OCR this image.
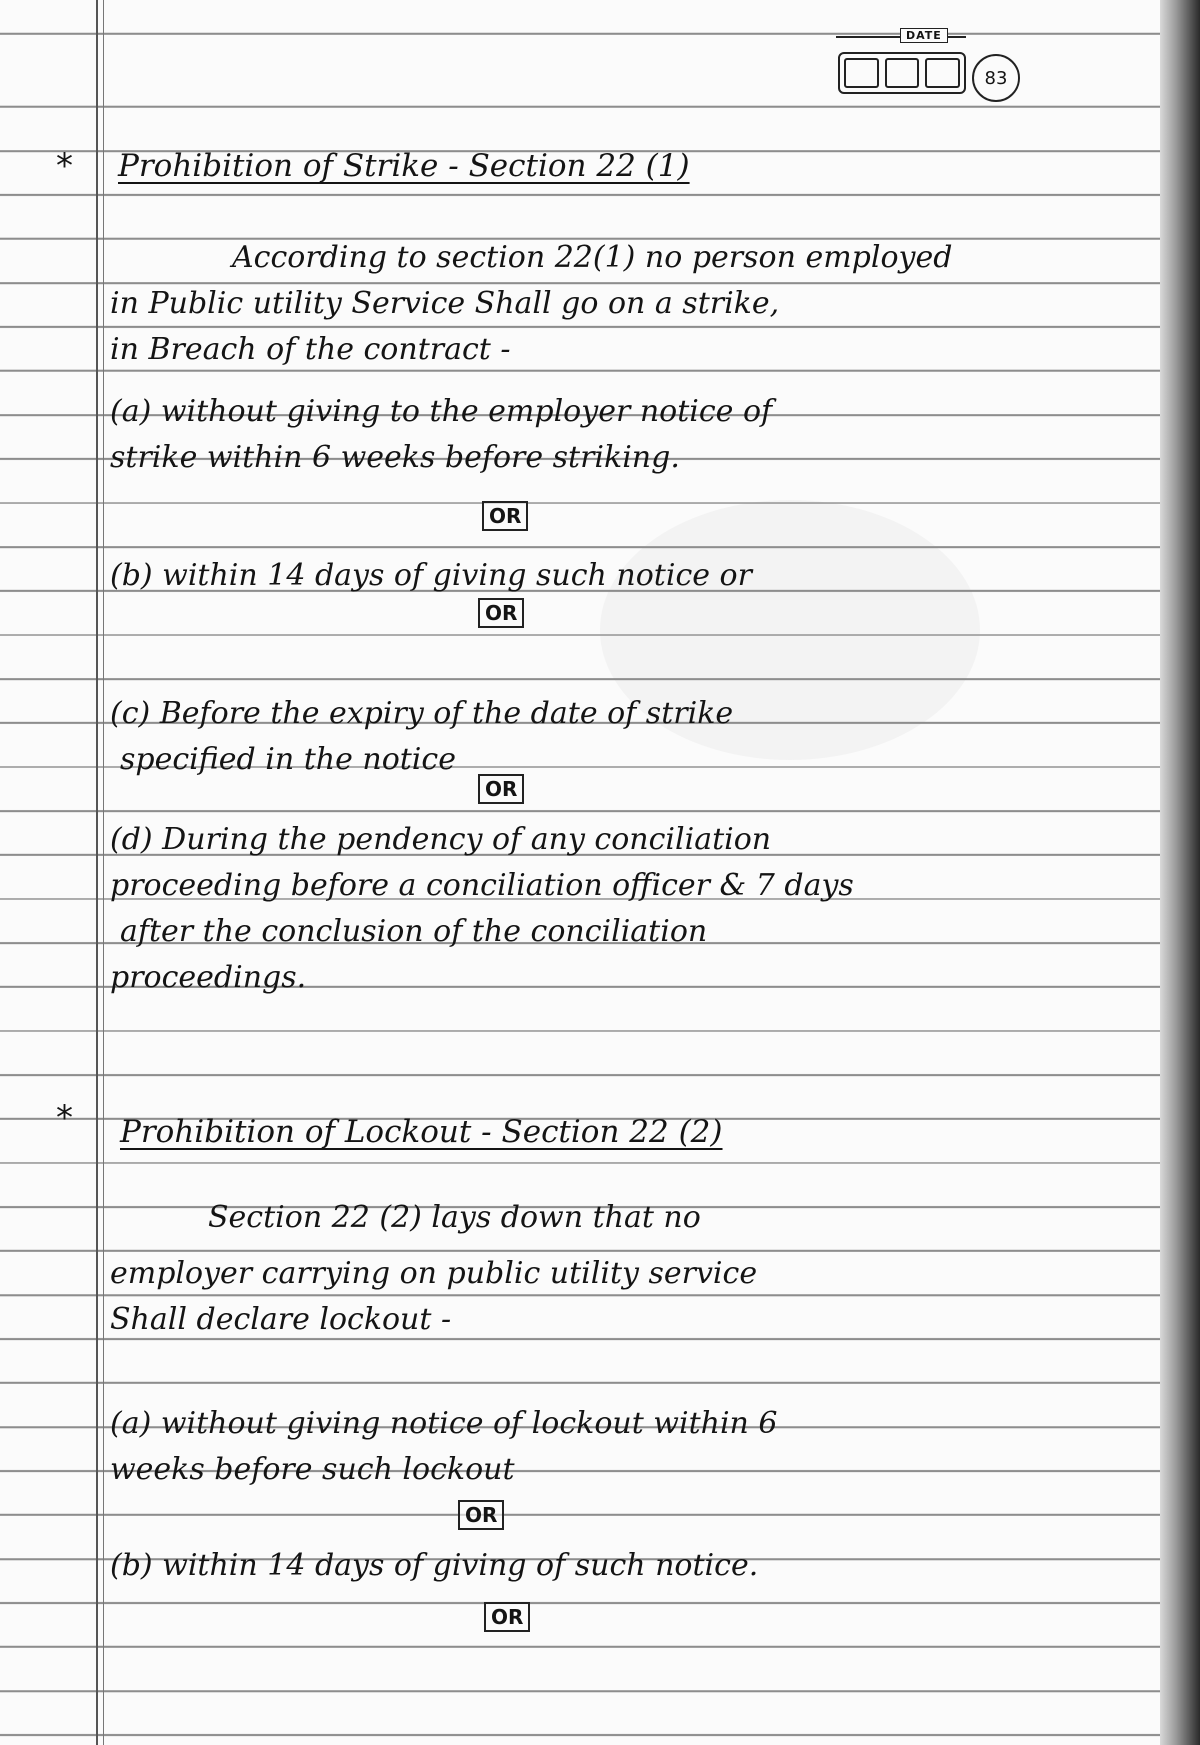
DATE
83
* Prohibition of Strike - Section 22 (1)
According to section 22(1) no person employed
in Public utility Service Shall go on a strike,
in Breach of the contract -
(a) without giving to the employer notice of
strike within 6 weeks before striking.
OR
(b) within 14 days of giving such notice or
OR
(c) Before the expiry of the date of strike
specified in the notice
OR
(d) During the pendency of any conciliation
proceeding before a conciliation officer & 7 days
after the conclusion of the conciliation
proceedings.
* Prohibition of Lockout - Section 22 (2)
Section 22 (2) lays down that no
employer carrying on public utility service
Shall declare lockout -
(a) without giving notice of lockout within 6
weeks before such lockout
OR
(b) within 14 days of giving of such notice.
OR
